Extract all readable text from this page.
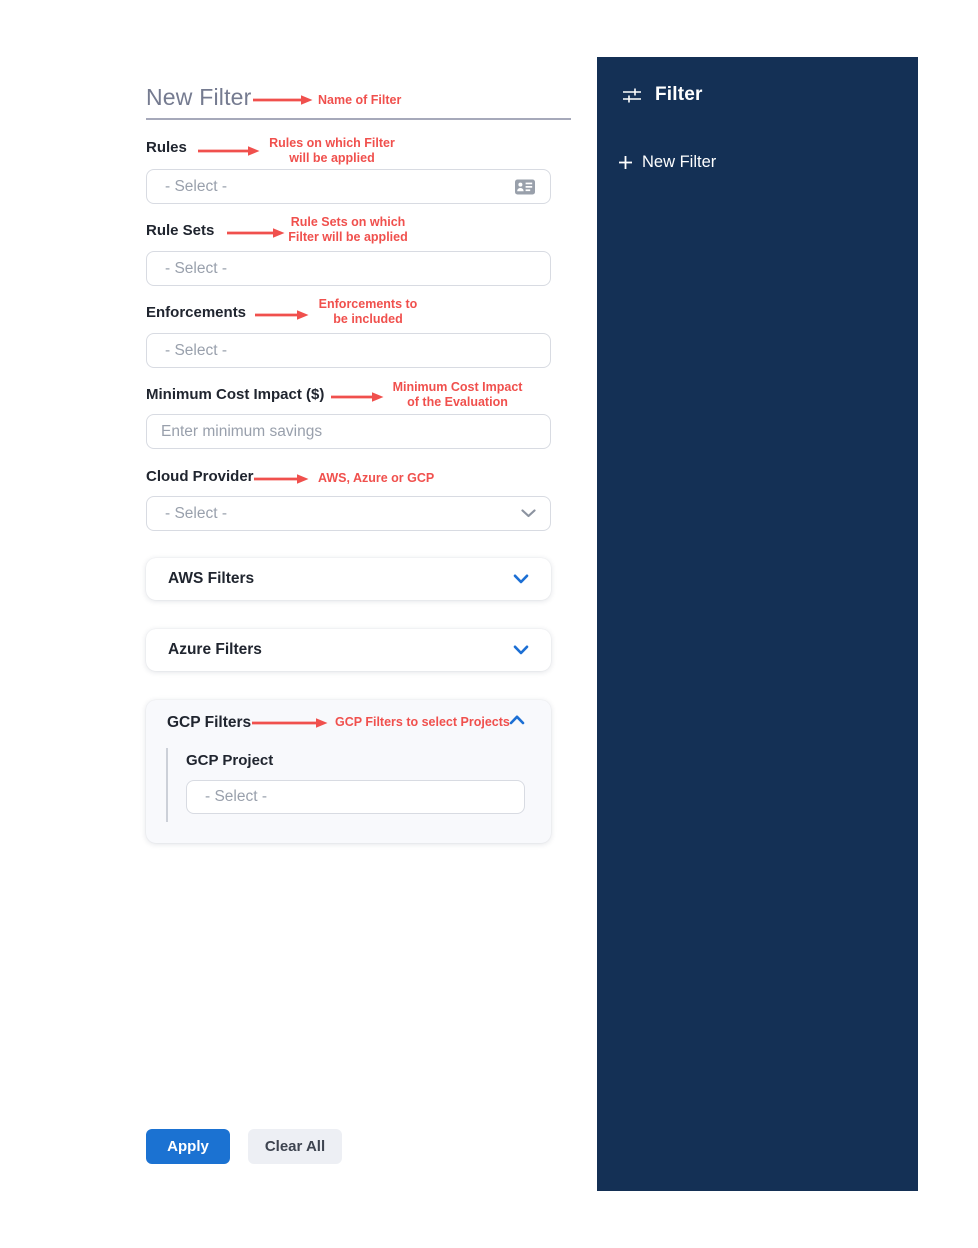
New Filter	Name of Filter
Rules	Rules on which Filter
will be applied
- Select -
Rule Sets	Rule Sets on which
Filter will be applied
- Select -
Enforcements	Enforcements to
be included
- Select -
Minimum Cost Impact ($)	Minimum Cost Impact
of the Evaluation
Enter minimum savings
Cloud Provider	AWS, Azure or GCP
- Select -
AWS Filters
Azure Filters
GCP Filters	GCP Filters to select Projects
GCP Project
- Select -
Apply	Clear All
Filter
New Filter
